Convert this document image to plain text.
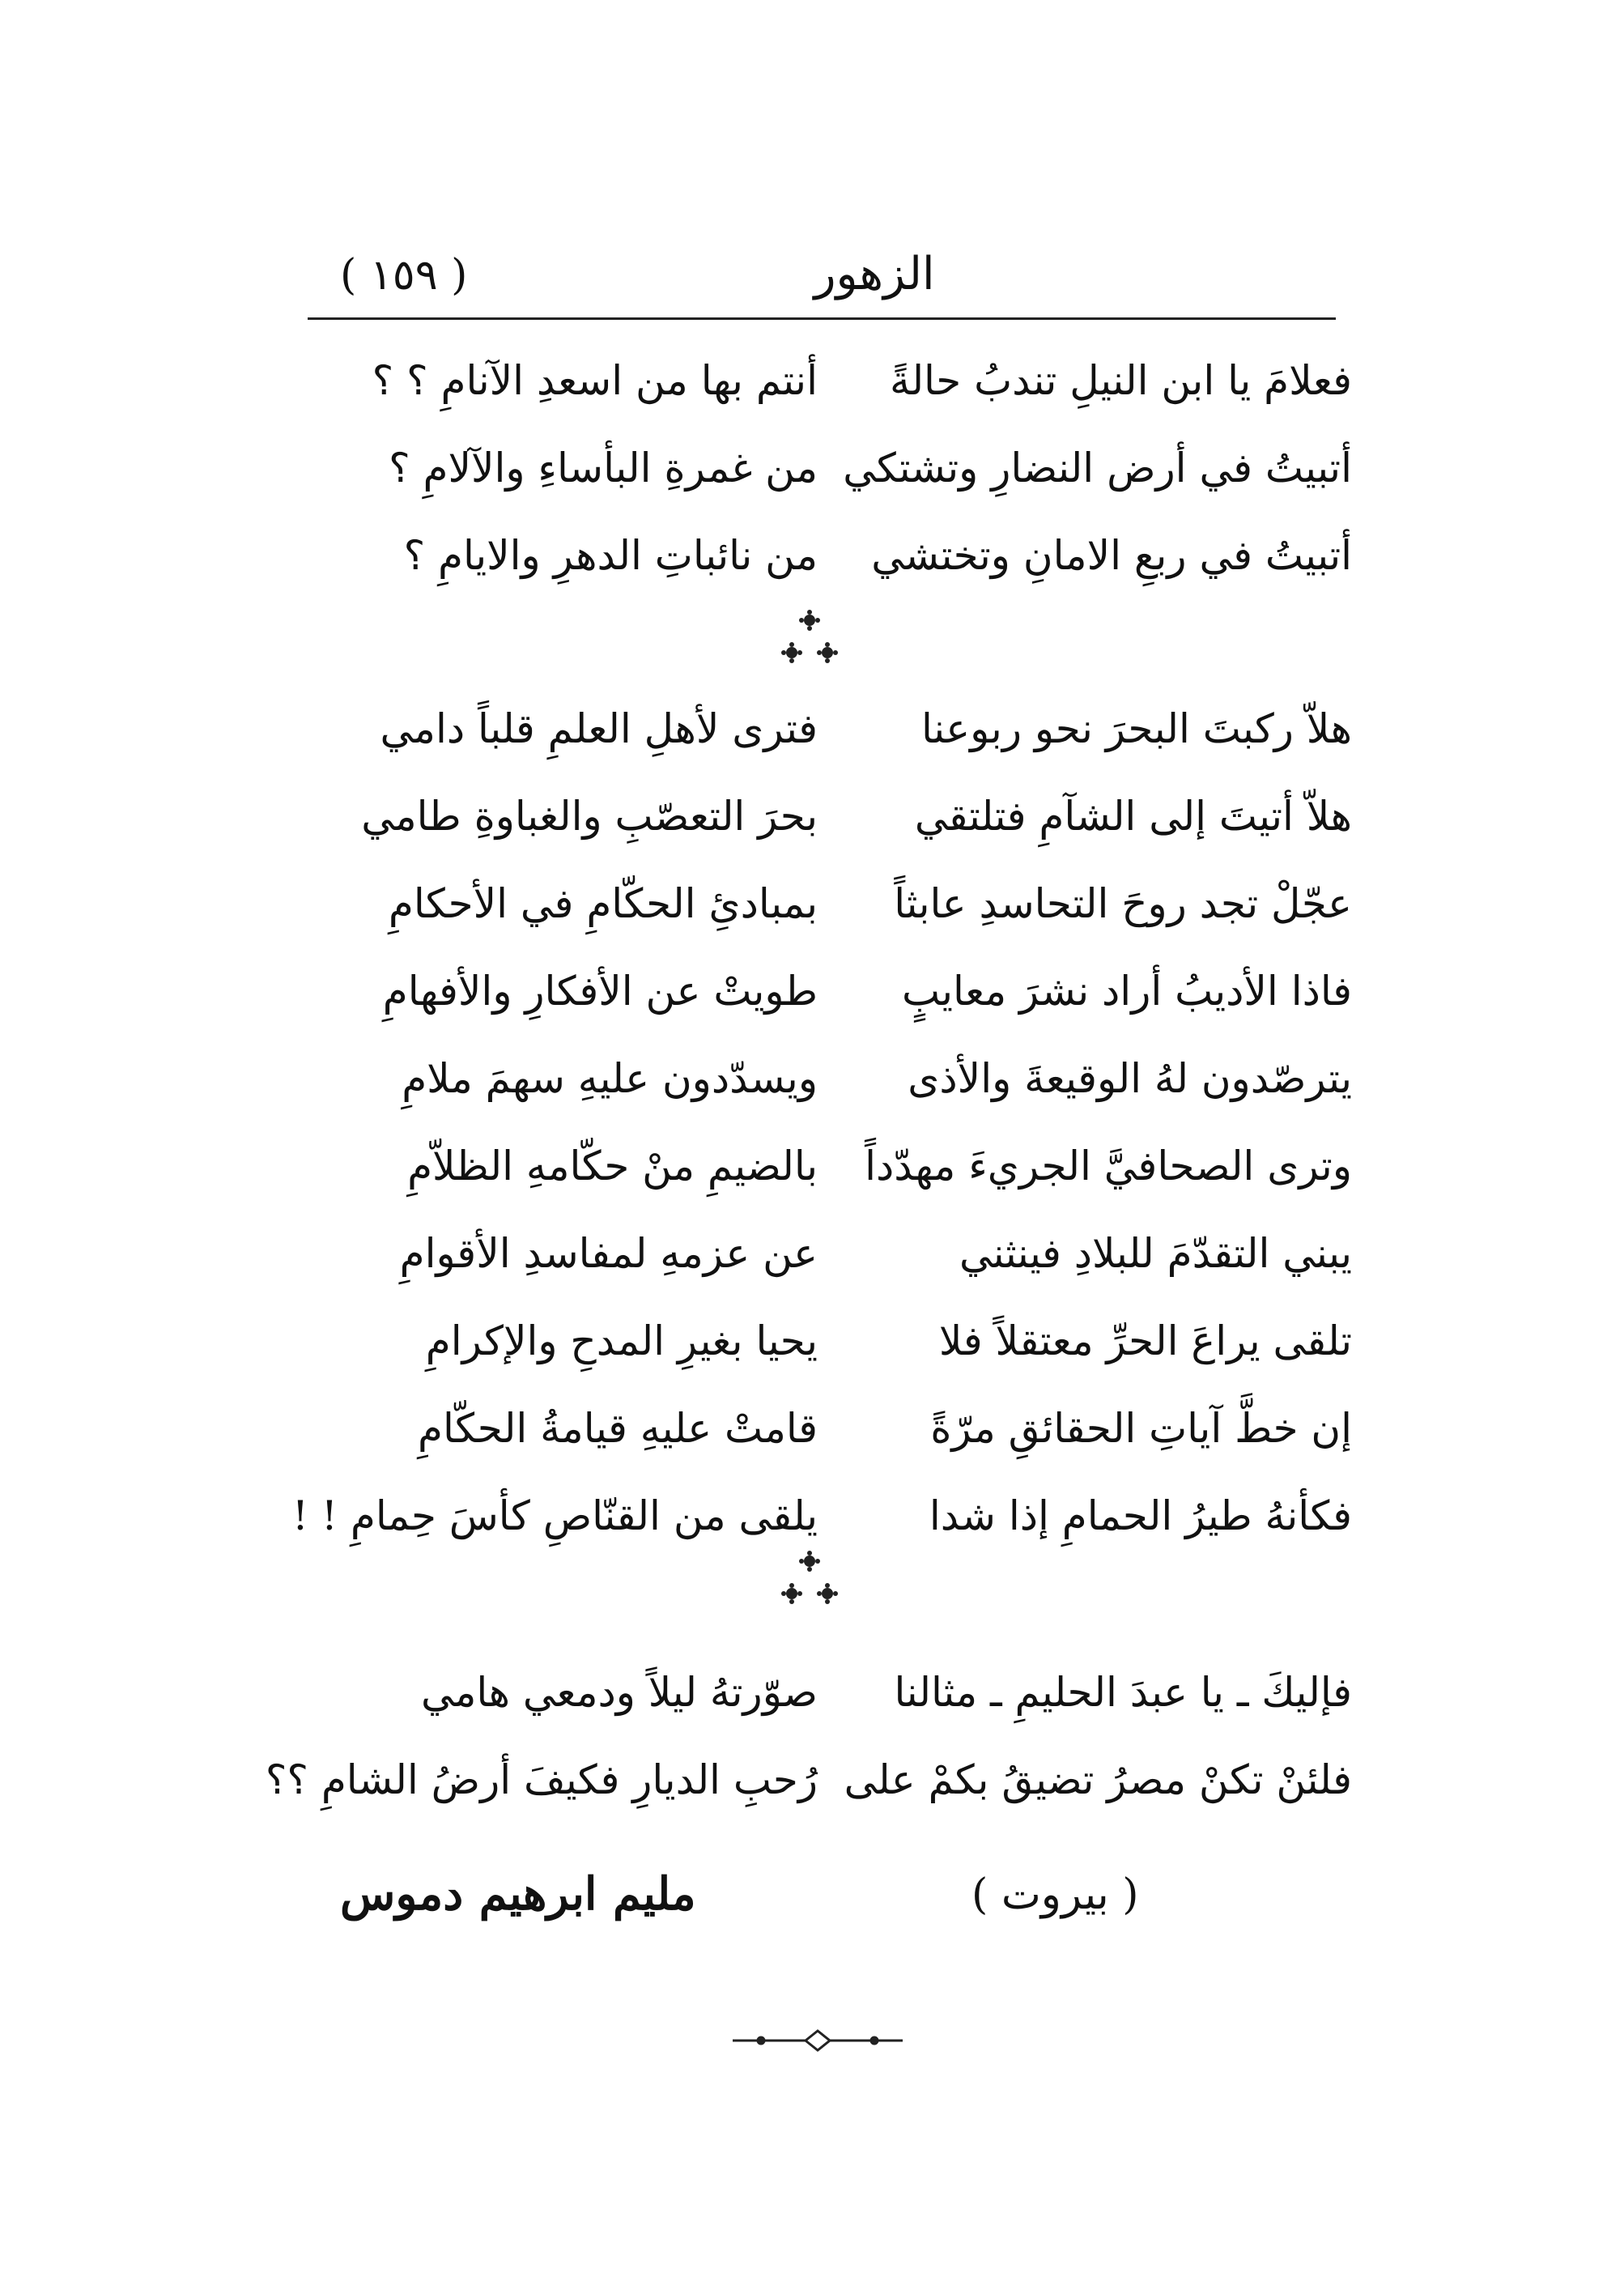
( ١٥٩ )	الزهور
فعلامَ يا ابن النيلِ تندبُ حالةً
أنتم بها من اسعدِ الآنامِ ؟ ؟
أتبيتُ في أرض النضارِ وتشتكي
من غمرةِ البأساءِ والآلامِ ؟
أتبيتُ في ربعِ الامانِ وتختشي
من نائباتِ الدهرِ والايامِ ؟
هلاّ ركبتَ البحرَ نحو ربوعنا
فترى لأهلِ العلمِ قلباً دامي
هلاّ أتيتَ إلى الشآمِ فتلتقي
بحرَ التعصّبِ والغباوةِ طامي
عجّلْ تجد روحَ التحاسدِ عابثاً
بمبادئِ الحكّامِ في الأحكامِ
فاذا الأديبُ أراد نشرَ معايبٍ
طويتْ عن الأفكارِ والأفهامِ
يترصّدون لهُ الوقيعةَ والأذى
ويسدّدون عليهِ سهمَ ملامِ
وترى الصحافيَّ الجريءَ مهدّداً
بالضيمِ منْ حكّامهِ الظلاّمِ
يبني التقدّمَ للبلادِ فينثني
عن عزمهِ لمفاسدِ الأقوامِ
تلقى يراعَ الحرِّ معتقلاً فلا
يحيا بغيرِ المدحِ والإكرامِ
إن خطَّ آياتِ الحقائقِ مرّةً
قامتْ عليهِ قيامةُ الحكّامِ
فكأنهُ طيرُ الحمامِ إذا شدا
يلقى من القنّاصِ كأسَ حِمامِ ! !
فإليكَ ـ يا عبدَ الحليمِ ـ مثالنا
صوّرتهُ ليلاً ودمعي هامي
فلئنْ تكنْ مصرُ تضيقُ بكمْ على
رُحبِ الديارِ فكيفَ أرضُ الشامِ ؟؟
( بيروت )
مليم ابرهيم دموس
